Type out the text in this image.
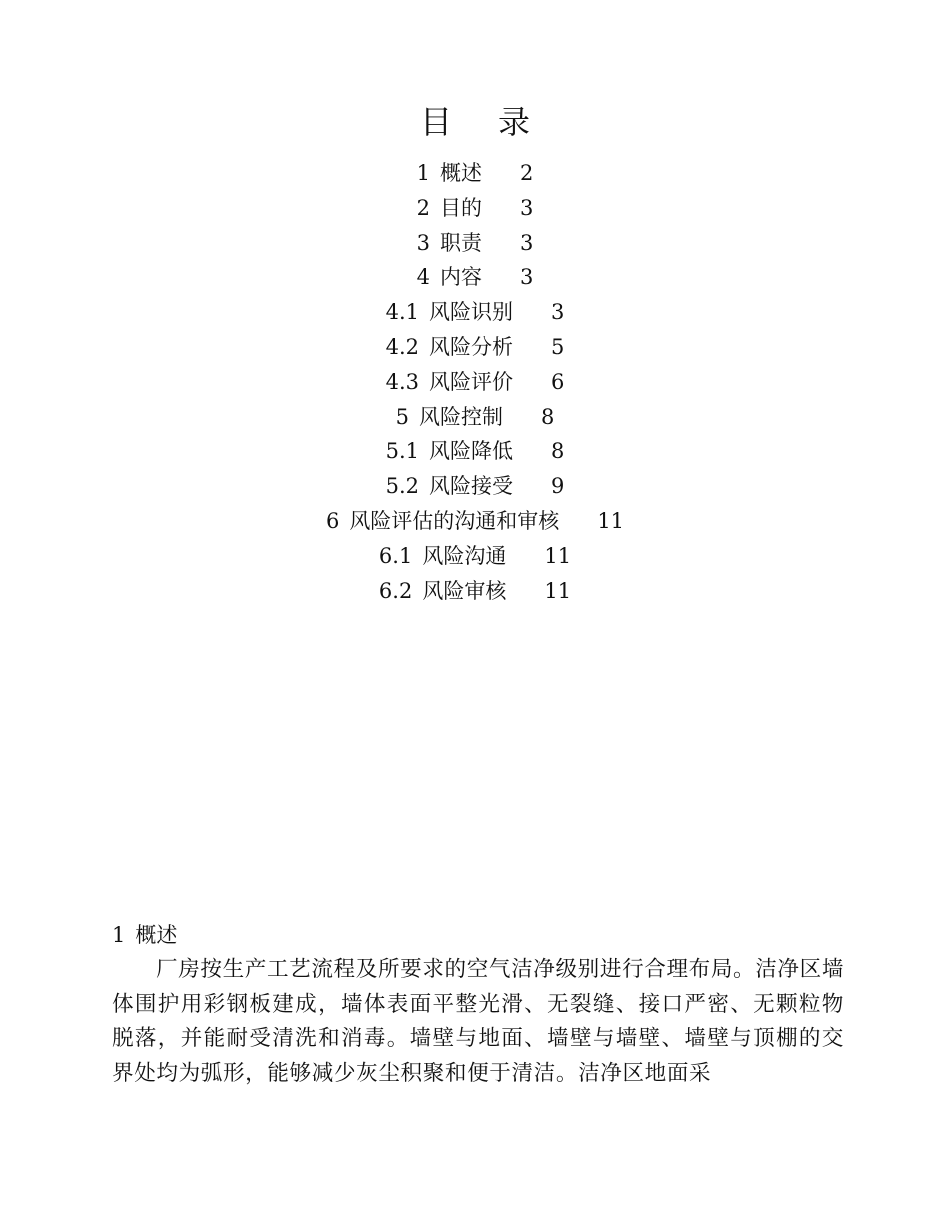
目 录
1 概述 2
2 目的 3
3 职责 3
4 内容 3
4.1 风险识别 3
4.2 风险分析 5
4.3 风险评价 6
5 风险控制 8
5.1 风险降低 8
5.2 风险接受 9
6 风险评估的沟通和审核 11
6.1 风险沟通 11
6.2 风险审核 11
1 概述

厂房按生产工艺流程及所要求的空气洁净级别进行合理布局。洁净区墙体围护用彩钢板建成，墙体表面平整光滑、无裂缝、接口严密、无颗粒物脱落，并能耐受清洗和消毒。墙壁与地面、墙壁与墙壁、墙壁与顶棚的交界处均为弧形，能够减少灰尘积聚和便于清洁。洁净区地面采
